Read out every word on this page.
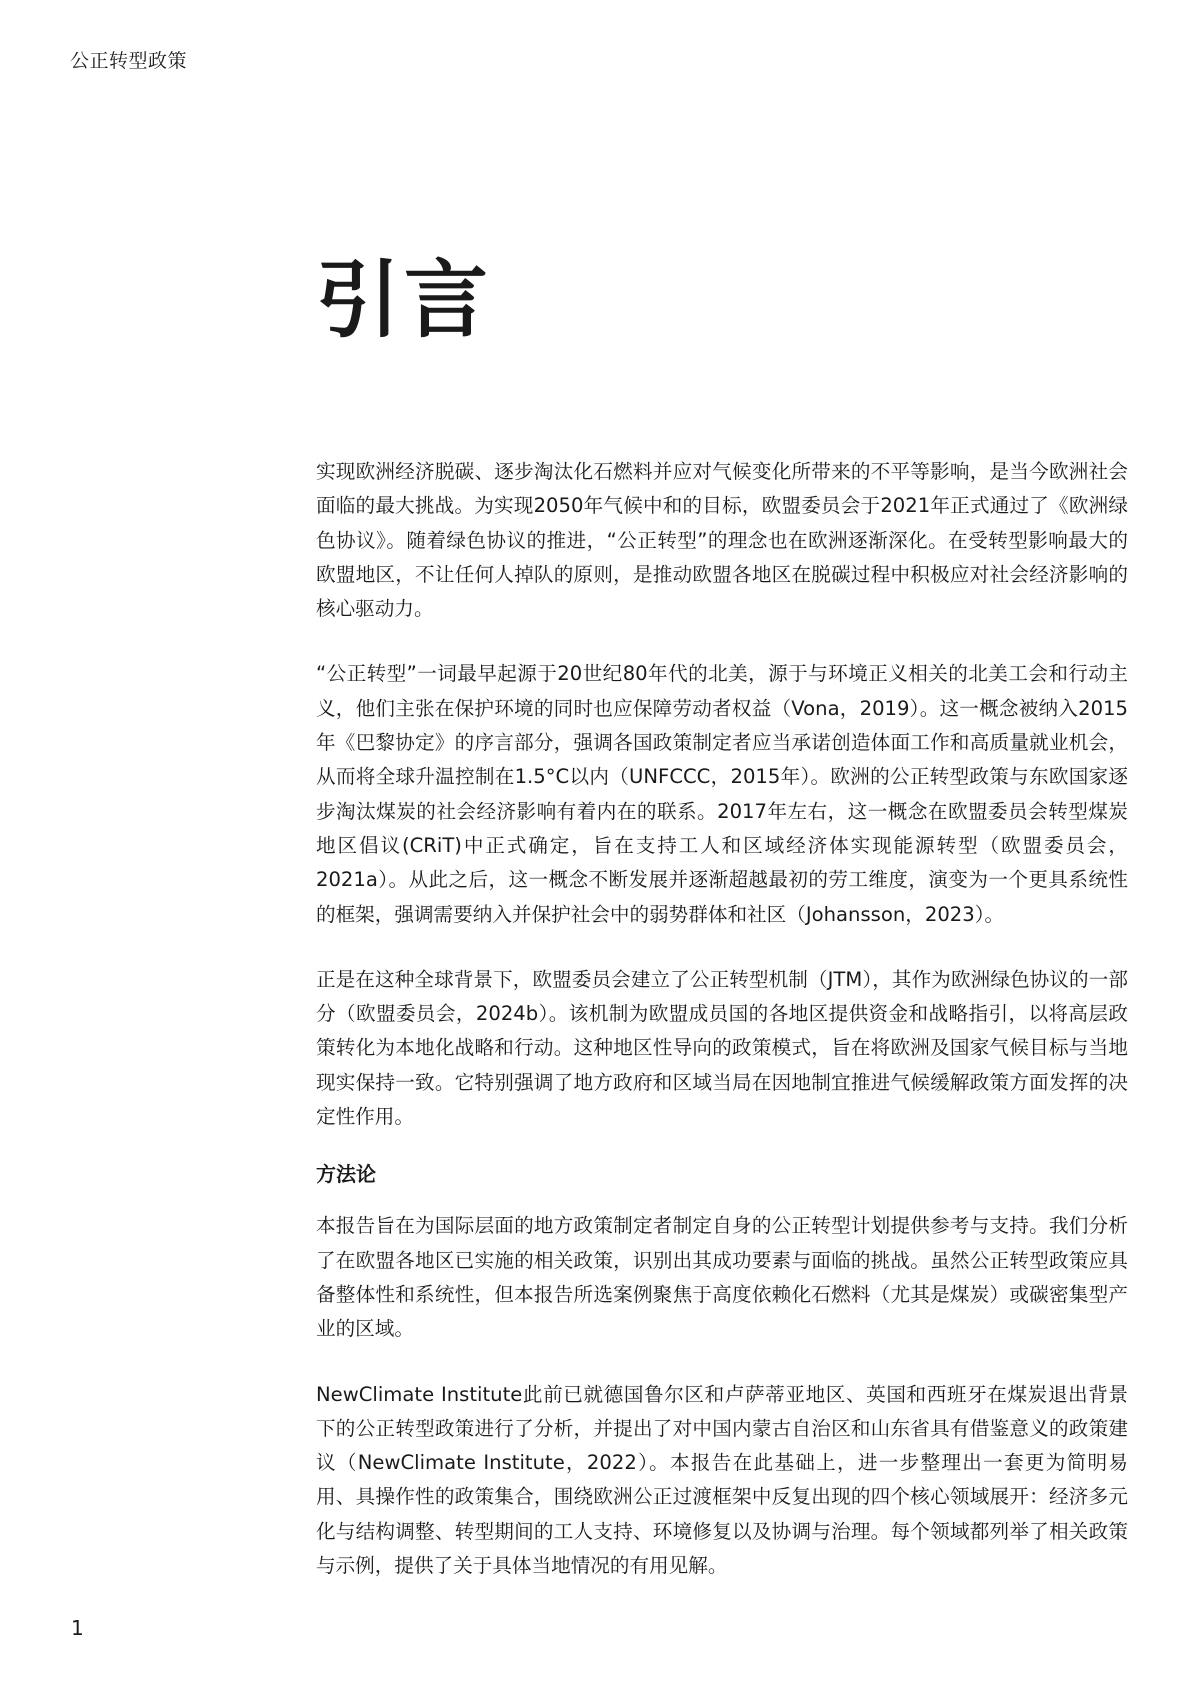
公正转型政策
引言

实现欧洲经济脱碳、逐步淘汰化石燃料并应对气候变化所带来的不平等影响，是当今欧洲社会面临的最大挑战。为实现2050年气候中和的目标，欧盟委员会于2021年正式通过了《欧洲绿色协议》。随着绿色协议的推进，“公正转型”的理念也在欧洲逐渐深化。在受转型影响最大的欧盟地区，不让任何人掉队的原则，是推动欧盟各地区在脱碳过程中积极应对社会经济影响的核心驱动力。

“公正转型”一词最早起源于20世纪80年代的北美，源于与环境正义相关的北美工会和行动主义，他们主张在保护环境的同时也应保障劳动者权益（Vona，2019）。这一概念被纳入2015年《巴黎协定》的序言部分，强调各国政策制定者应当承诺创造体面工作和高质量就业机会，从而将全球升温控制在1.5°C以内（UNFCCC，2015年）。欧洲的公正转型政策与东欧国家逐步淘汰煤炭的社会经济影响有着内在的联系。2017年左右，这一概念在欧盟委员会转型煤炭地区倡议(CRiT)中正式确定，旨在支持工人和区域经济体实现能源转型（欧盟委员会，2021a）。从此之后，这一概念不断发展并逐渐超越最初的劳工维度，演变为一个更具系统性的框架，强调需要纳入并保护社会中的弱势群体和社区（Johansson，2023）。

正是在这种全球背景下，欧盟委员会建立了公正转型机制（JTM），其作为欧洲绿色协议的一部分（欧盟委员会，2024b）。该机制为欧盟成员国的各地区提供资金和战略指引，以将高层政策转化为本地化战略和行动。这种地区性导向的政策模式，旨在将欧洲及国家气候目标与当地现实保持一致。它特别强调了地方政府和区域当局在因地制宜推进气候缓解政策方面发挥的决定性作用。

方法论

本报告旨在为国际层面的地方政策制定者制定自身的公正转型计划提供参考与支持。我们分析了在欧盟各地区已实施的相关政策，识别出其成功要素与面临的挑战。虽然公正转型政策应具备整体性和系统性，但本报告所选案例聚焦于高度依赖化石燃料（尤其是煤炭）或碳密集型产业的区域。

NewClimate Institute此前已就德国鲁尔区和卢萨蒂亚地区、英国和西班牙在煤炭退出背景下的公正转型政策进行了分析，并提出了对中国内蒙古自治区和山东省具有借鉴意义的政策建议（NewClimate Institute，2022）。本报告在此基础上，进一步整理出一套更为简明易用、具操作性的政策集合，围绕欧洲公正过渡框架中反复出现的四个核心领域展开：经济多元化与结构调整、转型期间的工人支持、环境修复以及协调与治理。每个领域都列举了相关政策与示例，提供了关于具体当地情况的有用见解。

1
